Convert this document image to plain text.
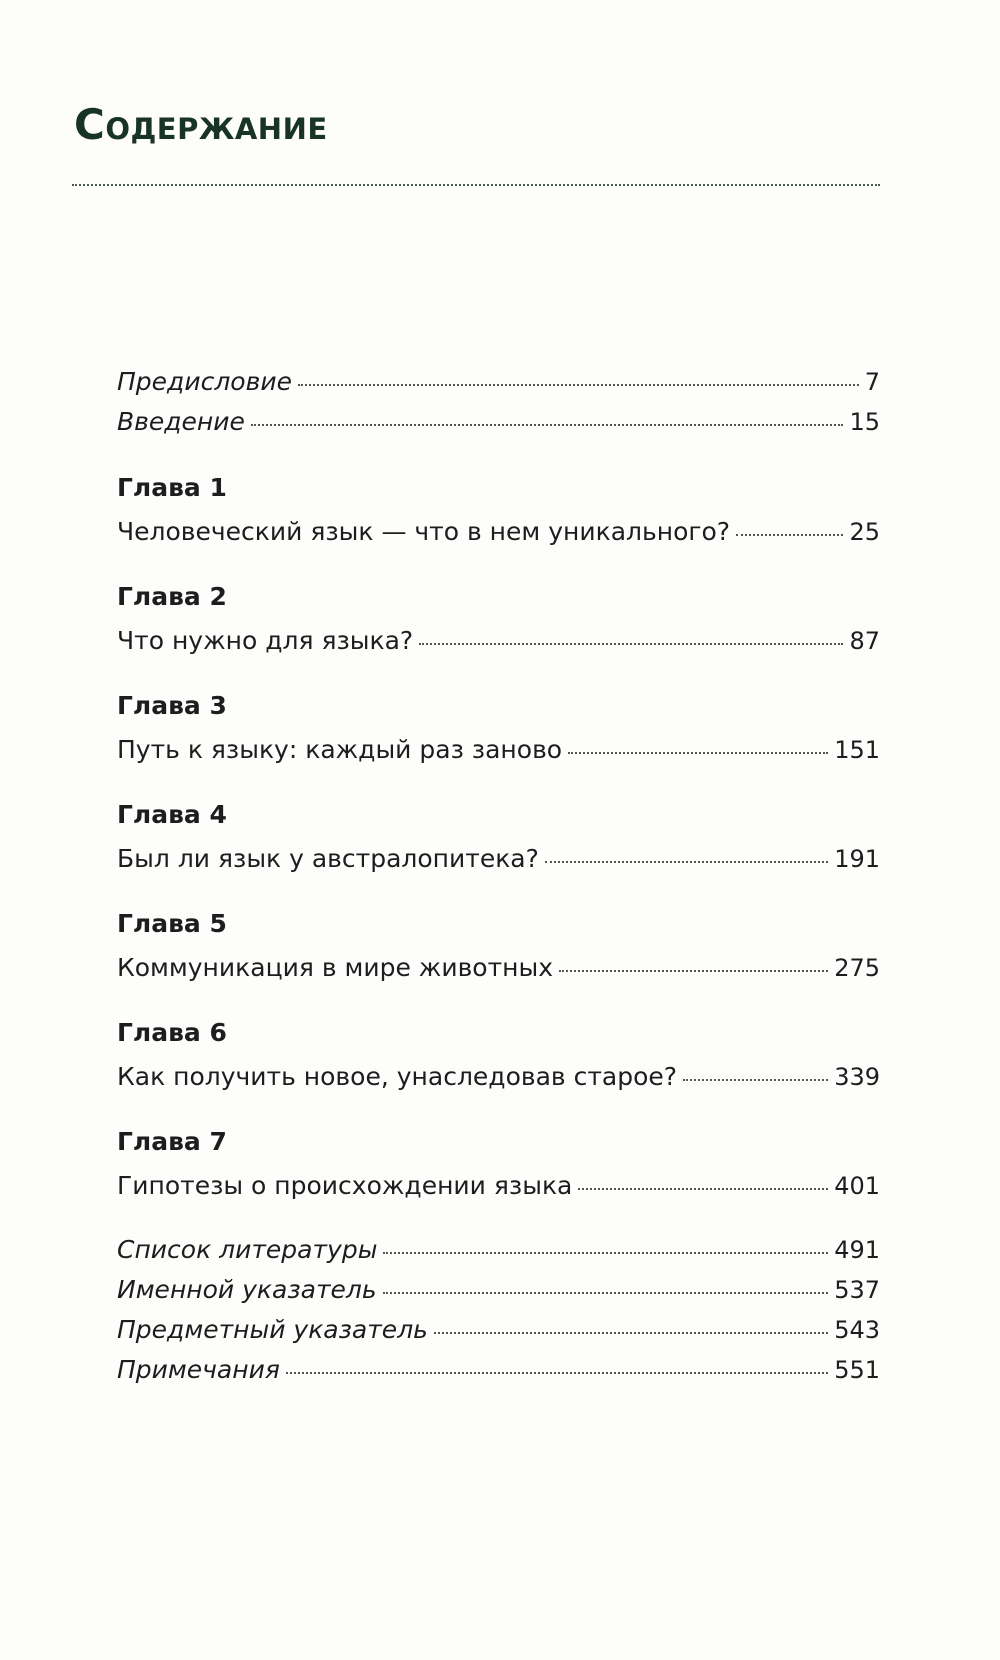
Содержание
Предисловие	7
Введение	15
Глава 1
Человеческий язык — что в нем уникального?	25
Глава 2
Что нужно для языка?	87
Глава 3
Путь к языку: каждый раз заново	151
Глава 4
Был ли язык у австралопитека?	191
Глава 5
Коммуникация в мире животных	275
Глава 6
Как получить новое, унаследовав старое?	339
Глава 7
Гипотезы о происхождении языка	401
Список литературы	491
Именной указатель	537
Предметный указатель	543
Примечания	551
